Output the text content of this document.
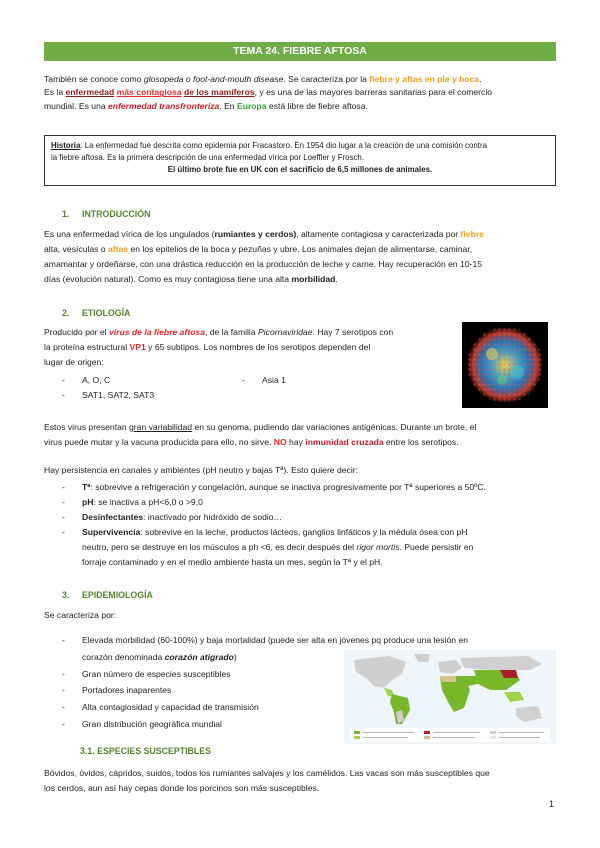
TEMA 24. FIEBRE AFTOSA
También se conoce como glosopeda o foot-and-mouth disease. Se caracteriza por la fiebre y aftas en pie y boca.
Es la enfermedad más contagiosa de los mamíferos, y es una de las mayores barreras sanitarias para el comercio
mundial. Es una enfermedad transfronteriza. En Europa está libre de fiebre aftosa.
Historia: La enfermedad fue descrita como epidemia por Fracastoro. En 1954 dio lugar a la creación de una comisión contra
la fiebre aftosa. Es la primera descripción de una enfermedad vírica por Loeffler y Frosch.
El último brote fue en UK con el sacrificio de 6,5 millones de animales.
1. INTRODUCCIÓN
Es una enfermedad vírica de los ungulados (rumiantes y cerdos), altamente contagiosa y caracterizada por fiebre
alta, vesículas o aftas en los epitelios de la boca y pezuñas y ubre. Los animales dejan de alimentarse, caminar,
amamantar y ordeñarse, con una drástica reducción en la producción de leche y carne. Hay recuperación en 10-15
días (evolución natural). Como es muy contagiosa tiene una alta morbilidad.
2. ETIOLOGÍA
Producido por el virus de la fiebre aftosa, de la familia Picornaviridae. Hay 7 serotipos con
la proteína estructural VP1 y 65 subtipos. Los nombres de los serotipos dependen del
lugar de origen:
- A, O, C	- Asia 1
- SAT1, SAT2, SAT3
Estos virus presentan gran variabilidad en su genoma, pudiendo dar variaciones antigénicas. Durante un brote, el
virus puede mutar y la vacuna producida para ello, no sirve. NO hay inmunidad cruzada entre los serotipos.
Hay persistencia en canales y ambientes (pH neutro y bajas Tª). Esto quiere decir:
- Tª: sobrevive a refrigeración y congelación, aunque se inactiva progresivamente por Tª superiores a 50ºC.
- pH: se inactiva a pH<6,0 o >9,0
- Desinfectantes: inactivado por hidróxido de sodio…
- Supervivencia: sobrevive en la leche, productos lácteos, ganglios linfáticos y la médula ósea con pH
neutro, pero se destruye en los músculos a ph <6, es decir después del rigor mortis. Puede persistir en
forraje contaminado y en el medio ambiente hasta un mes, según la Tª y el pH.
3. EPIDEMIOLOGÍA
Se caracteriza por:
- Elevada morbilidad (60-100%) y baja mortalidad (puede ser alta en jóvenes pq produce una lesión en
corazón denominada corazón atigrado)
- Gran número de especies susceptibles
- Portadores inaparentes
- Alta contagiosidad y capacidad de transmisión
- Gran distribución geográfica mundial
3.1. ESPECIES SUSCEPTIBLES
Bóvidos, óvidos, cápridos, suidos, todos los rumiantes salvajes y los camélidos. Las vacas son más susceptibles que
los cerdos, aun así hay cepas donde los porcinos son más susceptibles.
1
